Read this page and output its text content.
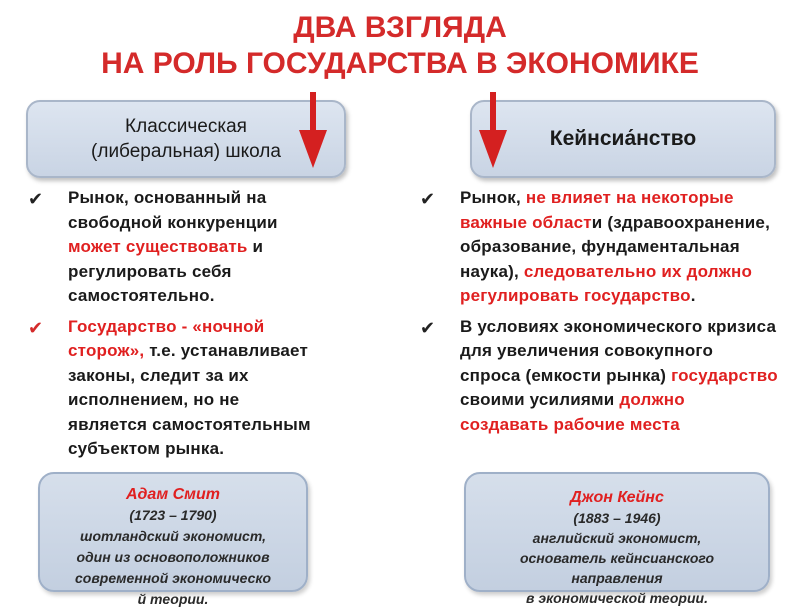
ДВА ВЗГЛЯДА
НА РОЛЬ ГОСУДАРСТВА В ЭКОНОМИКЕ
Классическая
(либеральная) школа
Кейнсиа́нство
✔	Рынок, основанный на свободной конкуренции может существовать и регулировать себя самостоятельно.
✔	Государство - «ночной сторож», т.е. устанавливает законы, следит за их исполнением, но не является самостоятельным субъектом рынка.
✔	Рынок, не влияет на некоторые важные области (здравоохранение, образование, фундаментальная наука), следовательно их должно регулировать государство.
✔	В условиях экономического кризиса для увеличения совокупного спроса (емкости рынка) государство своими усилиями должно создавать рабочие места
Адам Смит
(1723 – 1790)
шотландский экономист,
один из основоположников
современной экономическо
й теории.
Джон Кейнс
(1883 – 1946)
английский экономист,
основатель кейнсианского
направления
в экономической теории.
